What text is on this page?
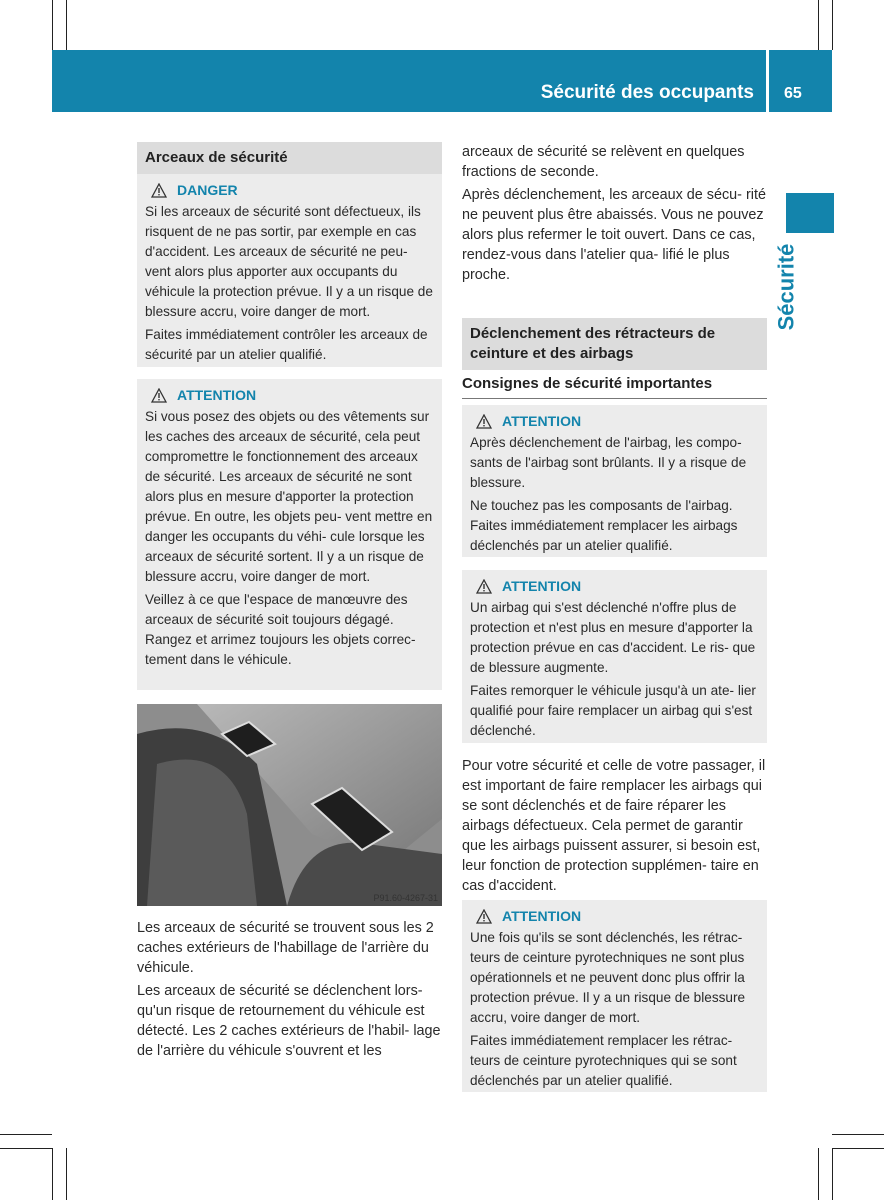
Sécurité des occupants 65
Sécurité
Arceaux de sécurité
DANGER

Si les arceaux de sécurité sont défectueux, ils risquent de ne pas sortir, par exemple en cas d'accident. Les arceaux de sécurité ne peu- vent alors plus apporter aux occupants du véhicule la protection prévue. Il y a un risque de blessure accru, voire danger de mort.

Faites immédiatement contrôler les arceaux de sécurité par un atelier qualifié.

ATTENTION

Si vous posez des objets ou des vêtements sur les caches des arceaux de sécurité, cela peut compromettre le fonctionnement des arceaux de sécurité. Les arceaux de sécurité ne sont alors plus en mesure d'apporter la protection prévue. En outre, les objets peu- vent mettre en danger les occupants du véhi- cule lorsque les arceaux de sécurité sortent. Il y a un risque de blessure accru, voire danger de mort.

Veillez à ce que l'espace de manœuvre des arceaux de sécurité soit toujours dégagé. Rangez et arrimez toujours les objets correc- tement dans le véhicule.

P91.60-4267-31

Les arceaux de sécurité se trouvent sous les 2 caches extérieurs de l'habillage de l'arrière du véhicule.

Les arceaux de sécurité se déclenchent lors- qu'un risque de retournement du véhicule est détecté. Les 2 caches extérieurs de l'habil- lage de l'arrière du véhicule s'ouvrent et les

arceaux de sécurité se relèvent en quelques fractions de seconde.

Après déclenchement, les arceaux de sécu- rité ne peuvent plus être abaissés. Vous ne pouvez alors plus refermer le toit ouvert. Dans ce cas, rendez-vous dans l'atelier qua- lifié le plus proche.

Déclenchement des rétracteurs de ceinture et des airbags
Consignes de sécurité importantes
ATTENTION

Après déclenchement de l'airbag, les compo- sants de l'airbag sont brûlants. Il y a risque de blessure.

Ne touchez pas les composants de l'airbag. Faites immédiatement remplacer les airbags déclenchés par un atelier qualifié.

ATTENTION

Un airbag qui s'est déclenché n'offre plus de protection et n'est plus en mesure d'apporter la protection prévue en cas d'accident. Le ris- que de blessure augmente.

Faites remorquer le véhicule jusqu'à un ate- lier qualifié pour faire remplacer un airbag qui s'est déclenché.

Pour votre sécurité et celle de votre passager, il est important de faire remplacer les airbags qui se sont déclenchés et de faire réparer les airbags défectueux. Cela permet de garantir que les airbags puissent assurer, si besoin est, leur fonction de protection supplémen- taire en cas d'accident.

ATTENTION

Une fois qu'ils se sont déclenchés, les rétrac- teurs de ceinture pyrotechniques ne sont plus opérationnels et ne peuvent donc plus offrir la protection prévue. Il y a un risque de blessure accru, voire danger de mort.

Faites immédiatement remplacer les rétrac- teurs de ceinture pyrotechniques qui se sont déclenchés par un atelier qualifié.
